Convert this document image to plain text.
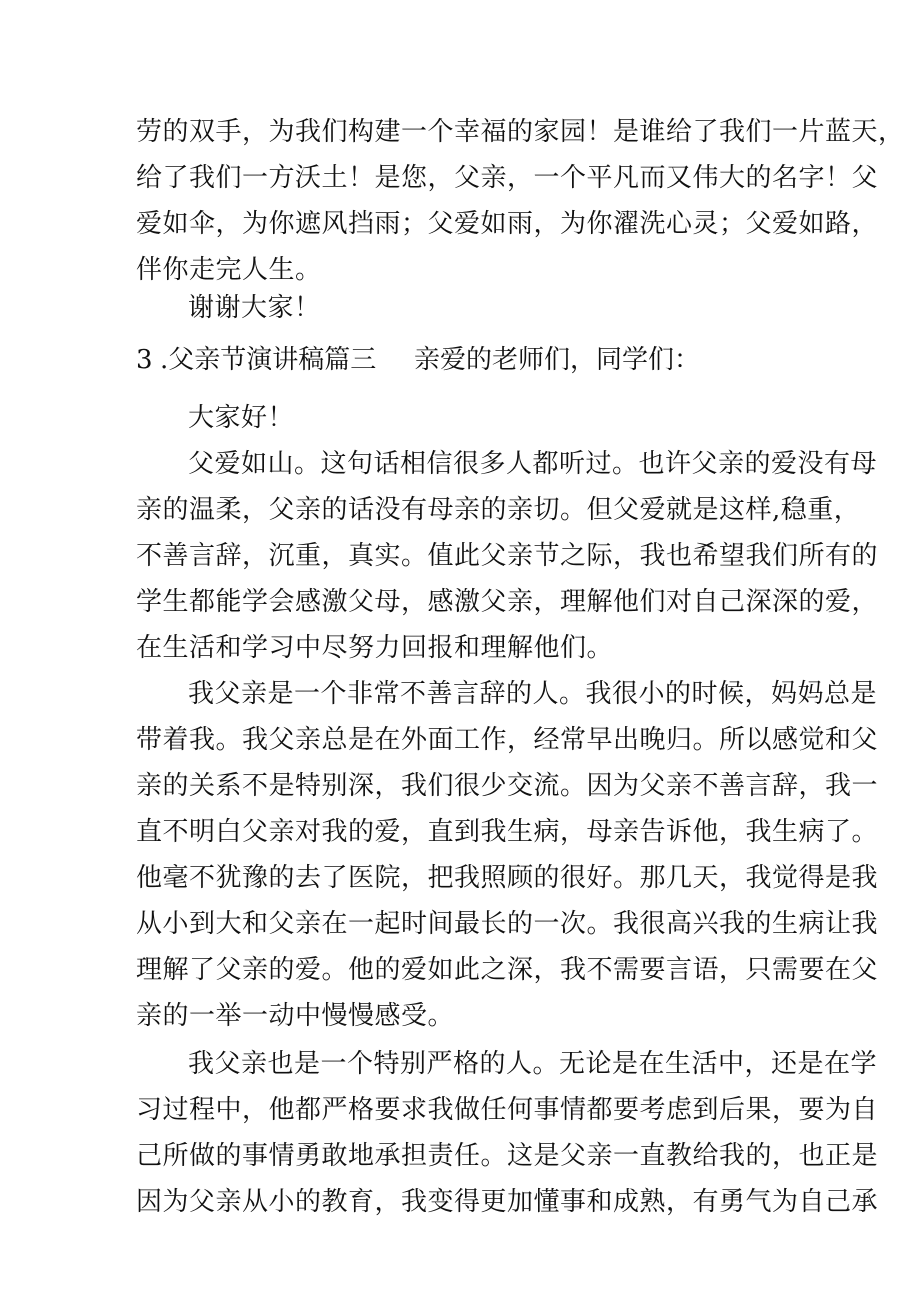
劳的双手，为我们构建一个幸福的家园！是谁给了我们一片蓝天，
给了我们一方沃土！是您，父亲，一个平凡而又伟大的名字！父
爱如伞，为你遮风挡雨；父爱如雨，为你濯洗心灵；父爱如路，
伴你走完人生。
谢谢大家！
3 .父亲节演讲稿篇三 亲爱的老师们，同学们：
大家好！
父爱如山。这句话相信很多人都听过。也许父亲的爱没有母
亲的温柔，父亲的话没有母亲的亲切。但父爱就是这样,稳重，
不善言辞，沉重，真实。值此父亲节之际，我也希望我们所有的
学生都能学会感激父母，感激父亲，理解他们对自己深深的爱，
在生活和学习中尽努力回报和理解他们。
我父亲是一个非常不善言辞的人。我很小的时候，妈妈总是
带着我。我父亲总是在外面工作，经常早出晚归。所以感觉和父
亲的关系不是特别深，我们很少交流。因为父亲不善言辞，我一
直不明白父亲对我的爱，直到我生病，母亲告诉他，我生病了。
他毫不犹豫的去了医院，把我照顾的很好。那几天，我觉得是我
从小到大和父亲在一起时间最长的一次。我很高兴我的生病让我
理解了父亲的爱。他的爱如此之深，我不需要言语，只需要在父
亲的一举一动中慢慢感受。
我父亲也是一个特别严格的人。无论是在生活中，还是在学
习过程中，他都严格要求我做任何事情都要考虑到后果，要为自
己所做的事情勇敢地承担责任。这是父亲一直教给我的，也正是
因为父亲从小的教育，我变得更加懂事和成熟，有勇气为自己承
